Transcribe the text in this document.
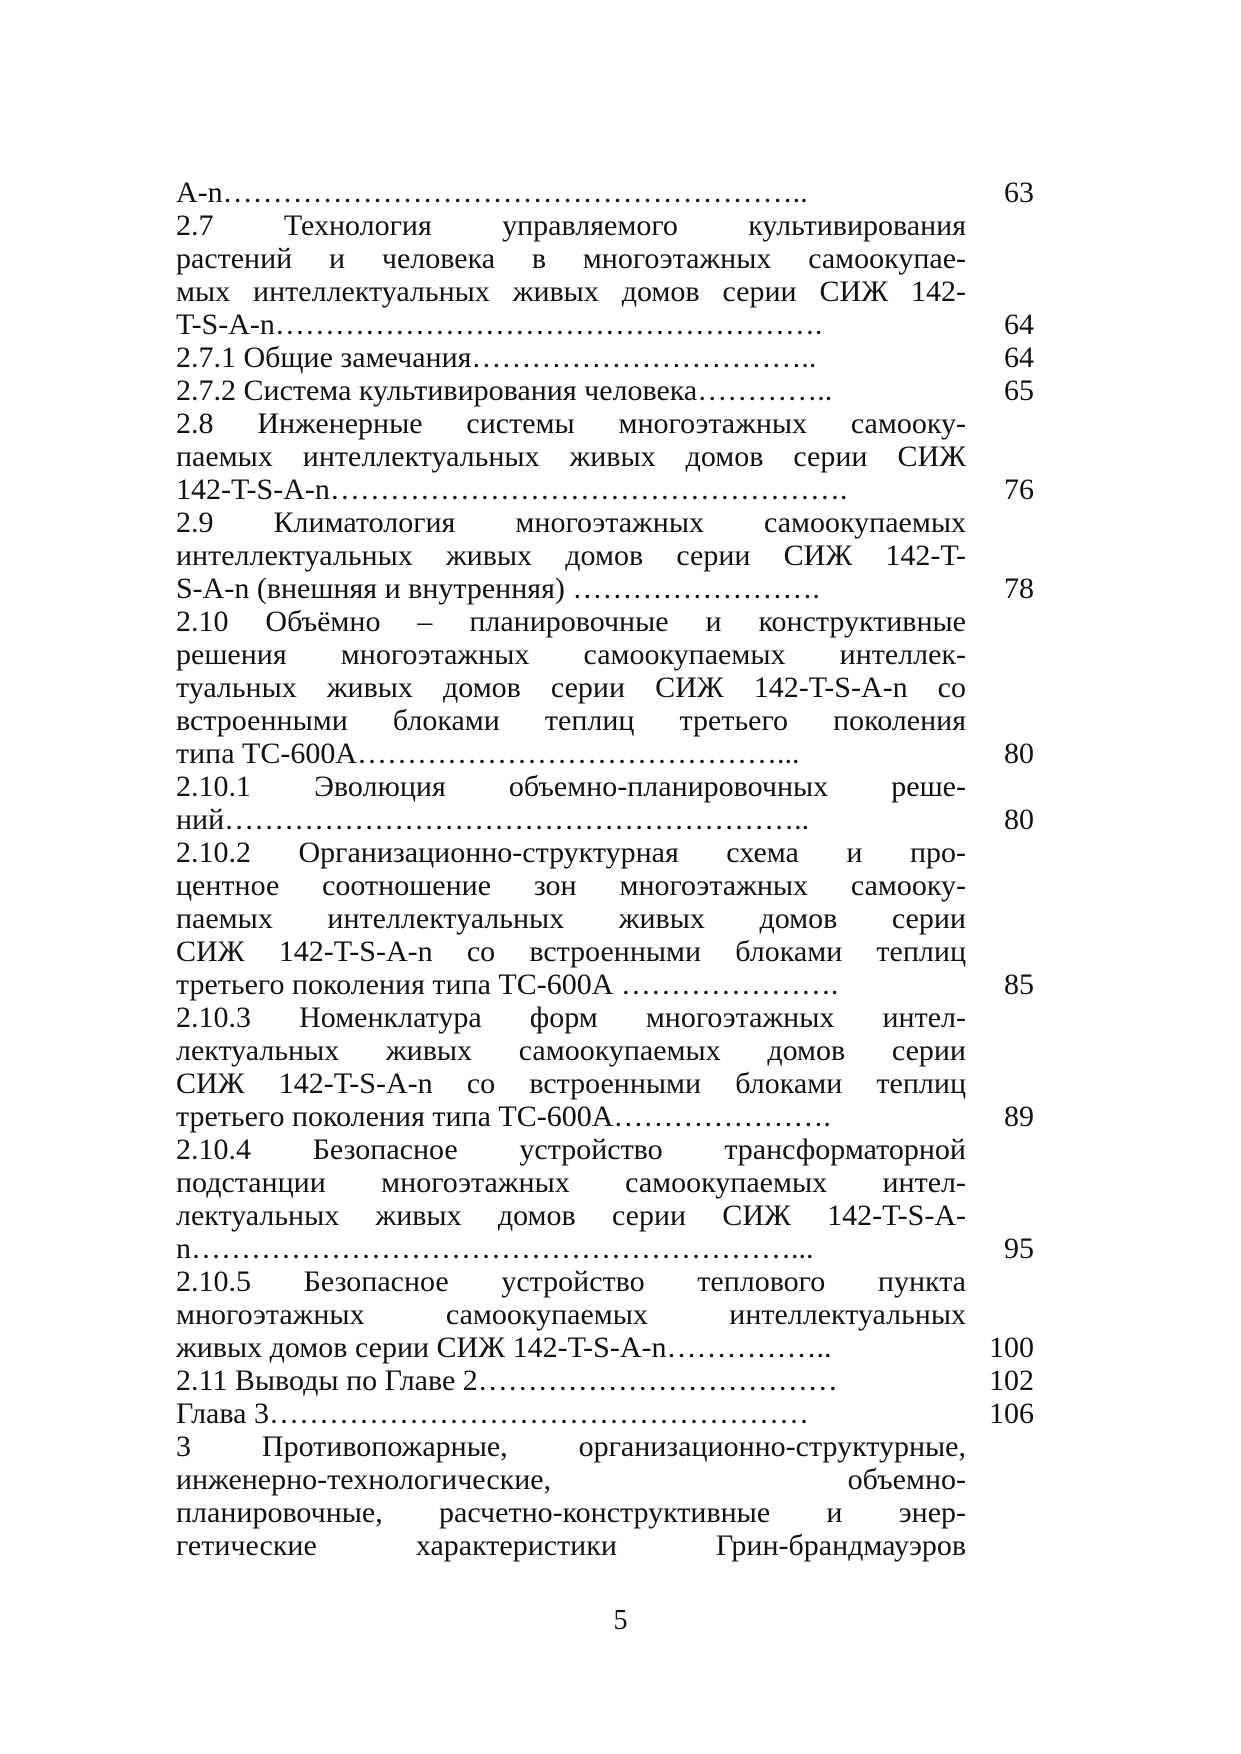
A-n…………………………………………………..	63
2.7 Технология управляемого культивирования
растений и человека в многоэтажных самоокупае-
мых интеллектуальных живых домов серии СИЖ 142-
T-S-A-n……………………………………………….	64
2.7.1 Общие замечания……………………………..	64
2.7.2 Система культивирования человека…………..	65
2.8 Инженерные системы многоэтажных самооку-
паемых интеллектуальных живых домов серии СИЖ
142-T-S-A-n…………………………………………….	76
2.9 Климатология многоэтажных самоокупаемых
интеллектуальных живых домов серии СИЖ 142-T-
S-A-n (внешняя и внутренняя) …………………….	78
2.10 Объёмно – планировочные и конструктивные
решения многоэтажных самоокупаемых интеллек-
туальных живых домов серии СИЖ 142-T-S-A-n со
встроенными блоками теплиц третьего поколения
типа ТС-600А……………………………………...	80
2.10.1 Эволюция объемно-планировочных реше-
ний…………………………………………………..	80
2.10.2 Организационно-структурная схема и про-
центное соотношение зон многоэтажных самооку-
паемых интеллектуальных живых домов серии
СИЖ 142-T-S-A-n со встроенными блоками теплиц
третьего поколения типа ТС-600А ………………….	85
2.10.3 Номенклатура форм многоэтажных интел-
лектуальных живых самоокупаемых домов серии
СИЖ 142-T-S-A-n со встроенными блоками теплиц
третьего поколения типа ТС-600А………………….	89
2.10.4 Безопасное устройство трансформаторной
подстанции многоэтажных самоокупаемых интел-
лектуальных живых домов серии СИЖ 142-T-S-A-
n……………………………………………………...	95
2.10.5 Безопасное устройство теплового пункта
многоэтажных самоокупаемых интеллектуальных
живых домов серии СИЖ 142-T-S-A-n……………..	100
2.11 Выводы по Главе 2………………………………	102
Глава 3………………………………………………	106
3 Противопожарные, организационно-структурные,
инженерно-технологические, объемно-
планировочные, расчетно-конструктивные и энер-
гетические характеристики Грин-брандмауэров
5
